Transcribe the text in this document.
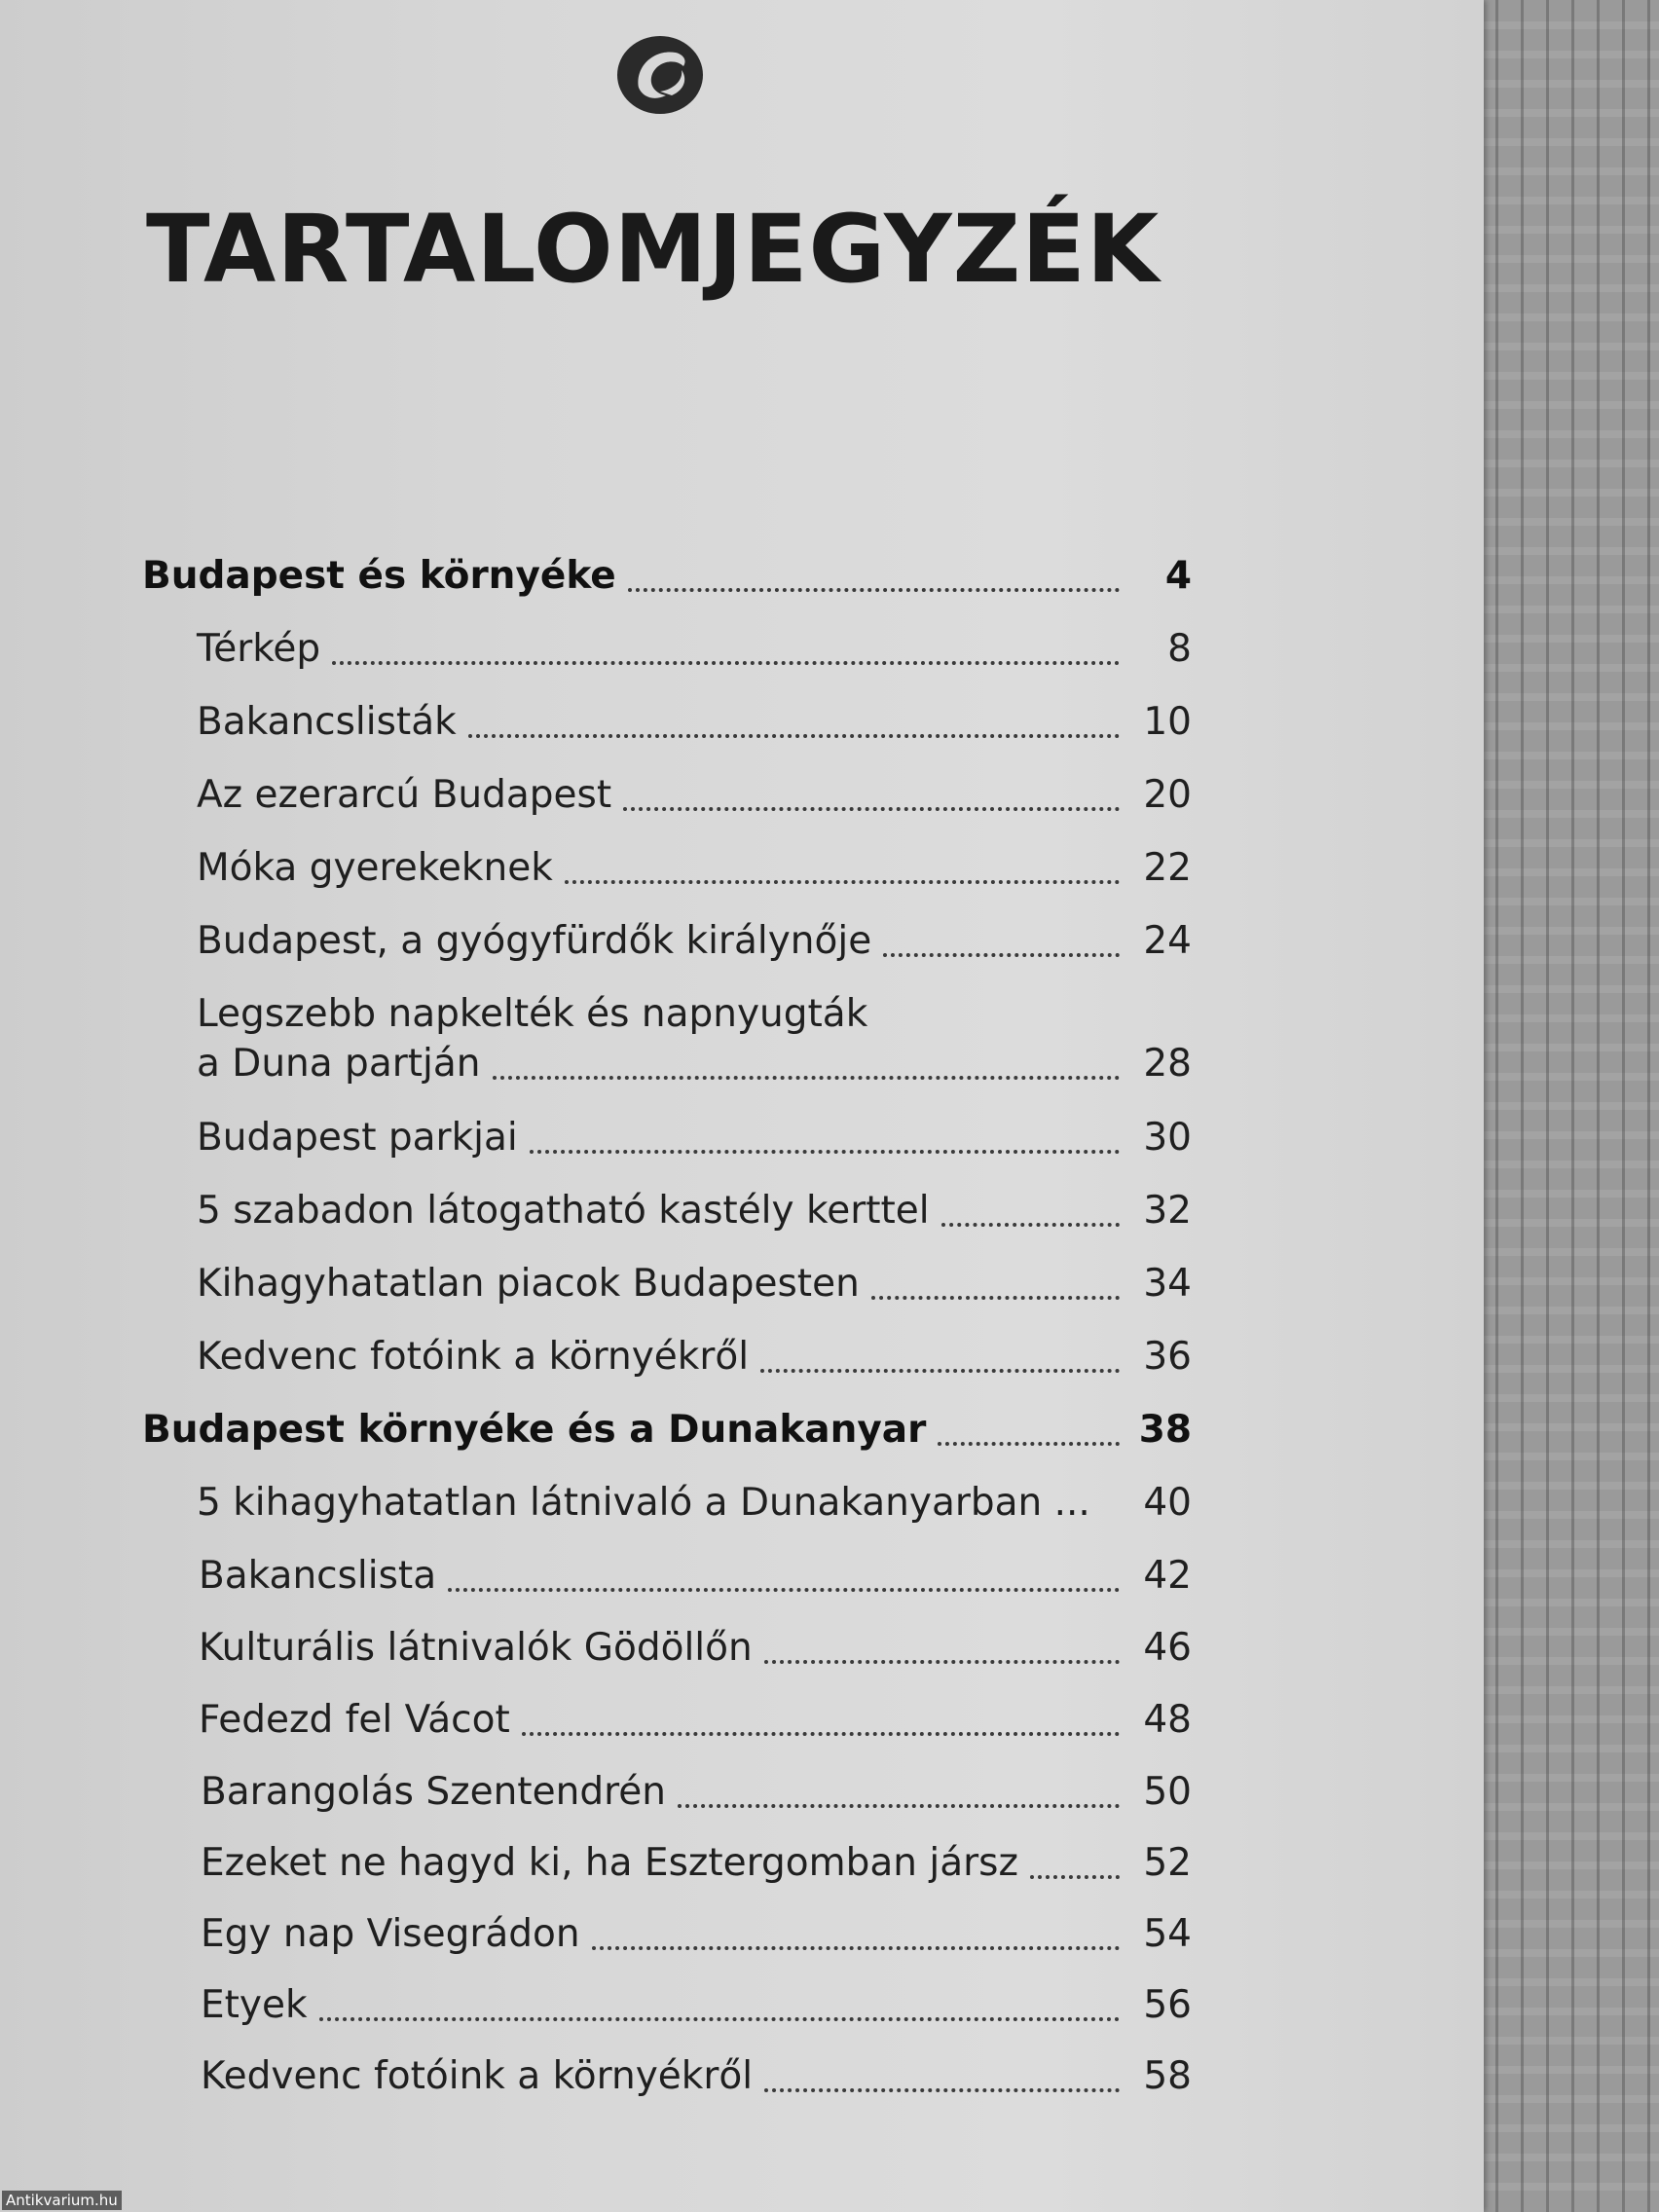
TARTALOMJEGYZÉK
Budapest és környéke	4
Térkép	8
Bakancslisták	10
Az ezerarcú Budapest	20
Móka gyerekeknek	22
Budapest, a gyógyfürdők királynője	24
Legszebb napkelték és napnyugták
a Duna partján	28
Budapest parkjai	30
5 szabadon látogatható kastély kerttel	32
Kihagyhatatlan piacok Budapesten	34
Kedvenc fotóink a környékről	36
Budapest környéke és a Dunakanyar	38
5 kihagyhatatlan látnivaló a Dunakanyarban ... 40
Bakancslista	42
Kulturális látnivalók Gödöllőn	46
Fedezd fel Vácot	48
Barangolás Szentendrén	50
Ezeket ne hagyd ki, ha Esztergomban jársz	52
Egy nap Visegrádon	54
Etyek	56
Kedvenc fotóink a környékről	58
Antikvarium.hu
